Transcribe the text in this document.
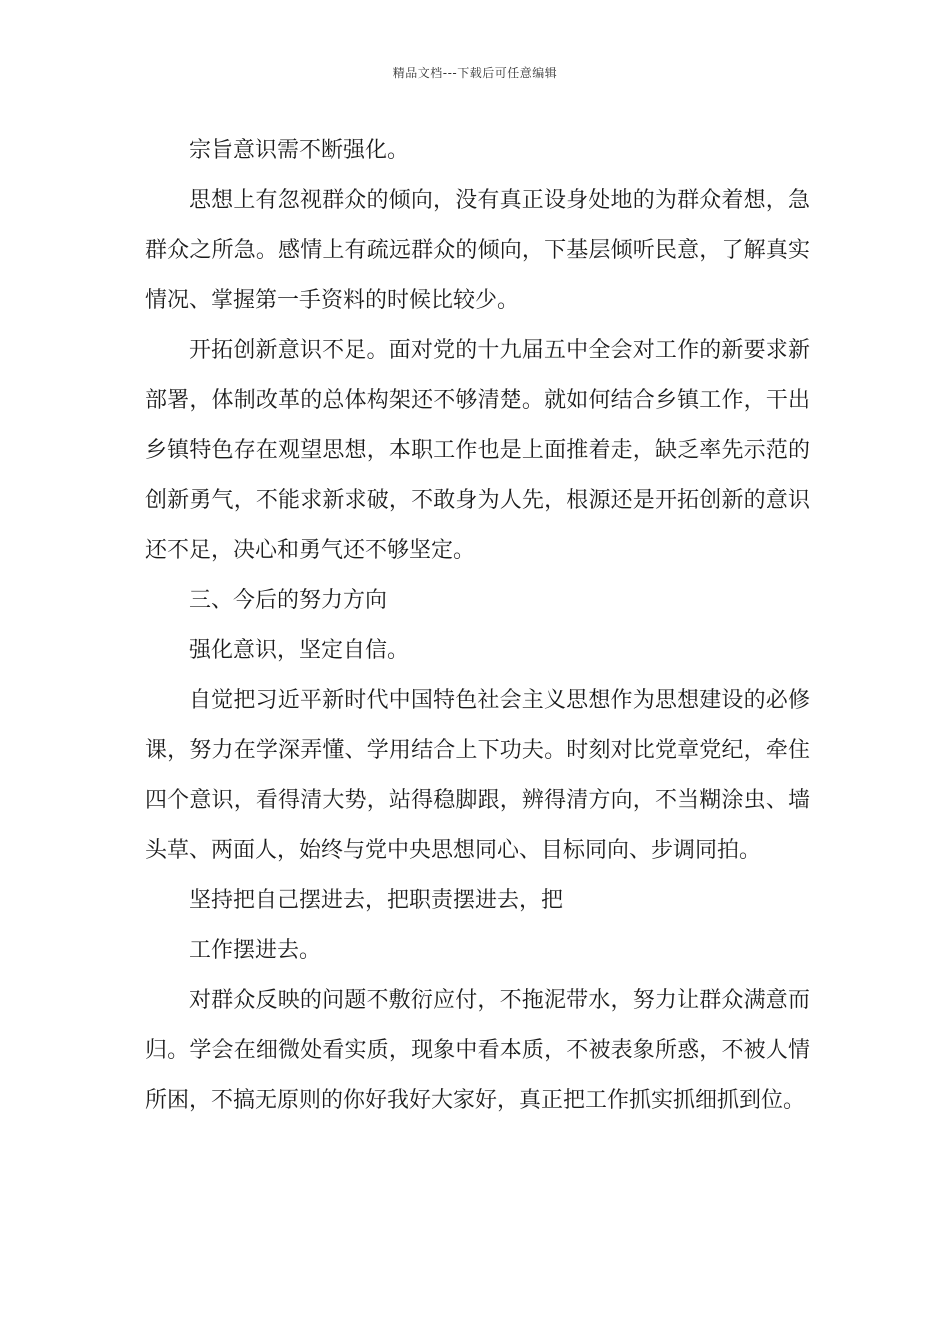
精品文档---下载后可任意编辑

宗旨意识需不断强化。

思想上有忽视群众的倾向，没有真正设身处地的为群众着想，急群众之所急。感情上有疏远群众的倾向，下基层倾听民意，了解真实情况、掌握第一手资料的时候比较少。

开拓创新意识不足。面对党的十九届五中全会对工作的新要求新部署，体制改革的总体构架还不够清楚。就如何结合乡镇工作，干出乡镇特色存在观望思想，本职工作也是上面推着走，缺乏率先示范的创新勇气，不能求新求破，不敢身为人先，根源还是开拓创新的意识还不足，决心和勇气还不够坚定。

三、今后的努力方向

强化意识，坚定自信。

自觉把习近平新时代中国特色社会主义思想作为思想建设的必修课，努力在学深弄懂、学用结合上下功夫。时刻对比党章党纪，牵住四个意识，看得清大势，站得稳脚跟，辨得清方向，不当糊涂虫、墙头草、两面人，始终与党中央思想同心、目标同向、步调同拍。

坚持把自己摆进去，把职责摆进去，把

工作摆进去。

对群众反映的问题不敷衍应付，不拖泥带水，努力让群众满意而归。学会在细微处看实质，现象中看本质，不被表象所惑，不被人情所困，不搞无原则的你好我好大家好，真正把工作抓实抓细抓到位。
